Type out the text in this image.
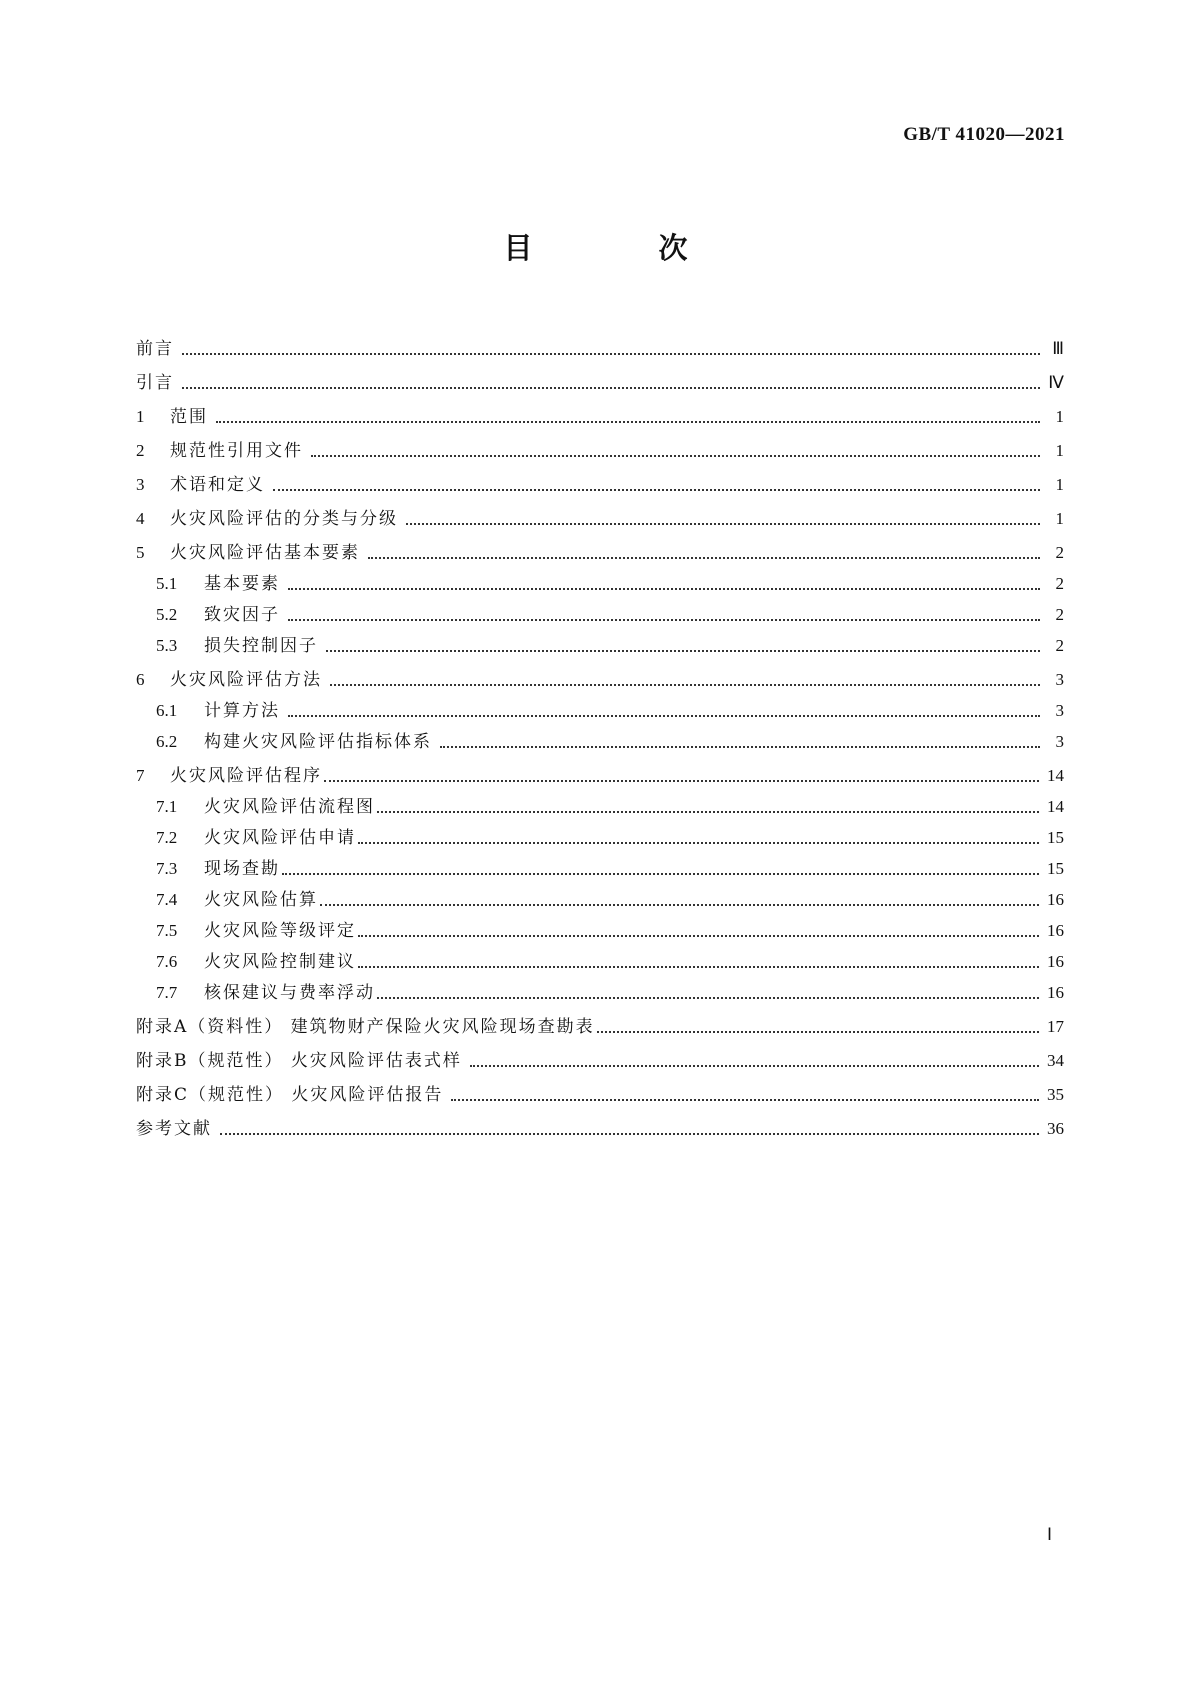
GB/T 41020—2021
目 次
前言	Ⅲ
引言	Ⅳ
1	范围	1
2	规范性引用文件	1
3	术语和定义	1
4	火灾风险评估的分类与分级	1
5	火灾风险评估基本要素	2
5.1	基本要素	2
5.2	致灾因子	2
5.3	损失控制因子	2
6	火灾风险评估方法	3
6.1	计算方法	3
6.2	构建火灾风险评估指标体系	3
7	火灾风险评估程序	14
7.1	火灾风险评估流程图	14
7.2	火灾风险评估申请	15
7.3	现场查勘	15
7.4	火灾风险估算	16
7.5	火灾风险等级评定	16
7.6	火灾风险控制建议	16
7.7	核保建议与费率浮动	16
附录A（资料性） 建筑物财产保险火灾风险现场查勘表	17
附录B（规范性） 火灾风险评估表式样	34
附录C（规范性） 火灾风险评估报告	35
参考文献	36
Ⅰ
